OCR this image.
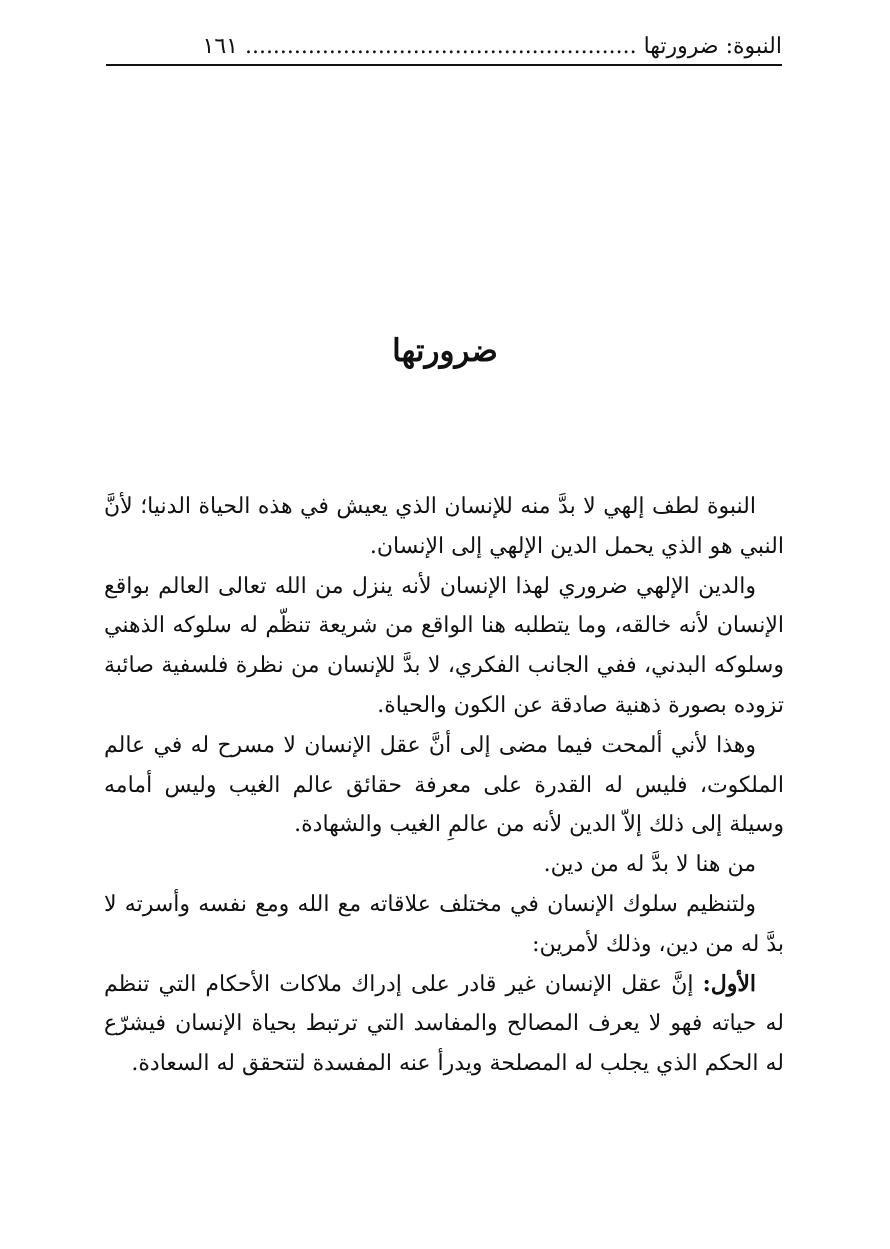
النبوة: ضرورتها ........................................................ ١٦١
ضرورتها

النبوة لطف إلهي لا بدَّ منه للإنسان الذي يعيش في هذه الحياة الدنيا؛ لأنَّ النبي هو الذي يحمل الدين الإلهي إلى الإنسان.

والدين الإلهي ضروري لهذا الإنسان لأنه ينزل من الله تعالى العالم بواقع الإنسان لأنه خالقه، وما يتطلبه هنا الواقع من شريعة تنظّم له سلوكه الذهني وسلوكه البدني، ففي الجانب الفكري، لا بدَّ للإنسان من نظرة فلسفية صائبة تزوده بصورة ذهنية صادقة عن الكون والحياة.

وهذا لأني ألمحت فيما مضى إلى أنَّ عقل الإنسان لا مسرح له في عالم الملكوت، فليس له القدرة على معرفة حقائق عالم الغيب وليس أمامه وسيلة إلى ذلك إلاّ الدين لأنه من عالمِ الغيب والشهادة.

من هنا لا بدَّ له من دين.

ولتنظيم سلوك الإنسان في مختلف علاقاته مع الله ومع نفسه وأسرته لا بدَّ له من دين، وذلك لأمرين:

الأول: إنَّ عقل الإنسان غير قادر على إدراك ملاكات الأحكام التي تنظم له حياته فهو لا يعرف المصالح والمفاسد التي ترتبط بحياة الإنسان فيشرّع له الحكم الذي يجلب له المصلحة ويدرأ عنه المفسدة لتتحقق له السعادة.
